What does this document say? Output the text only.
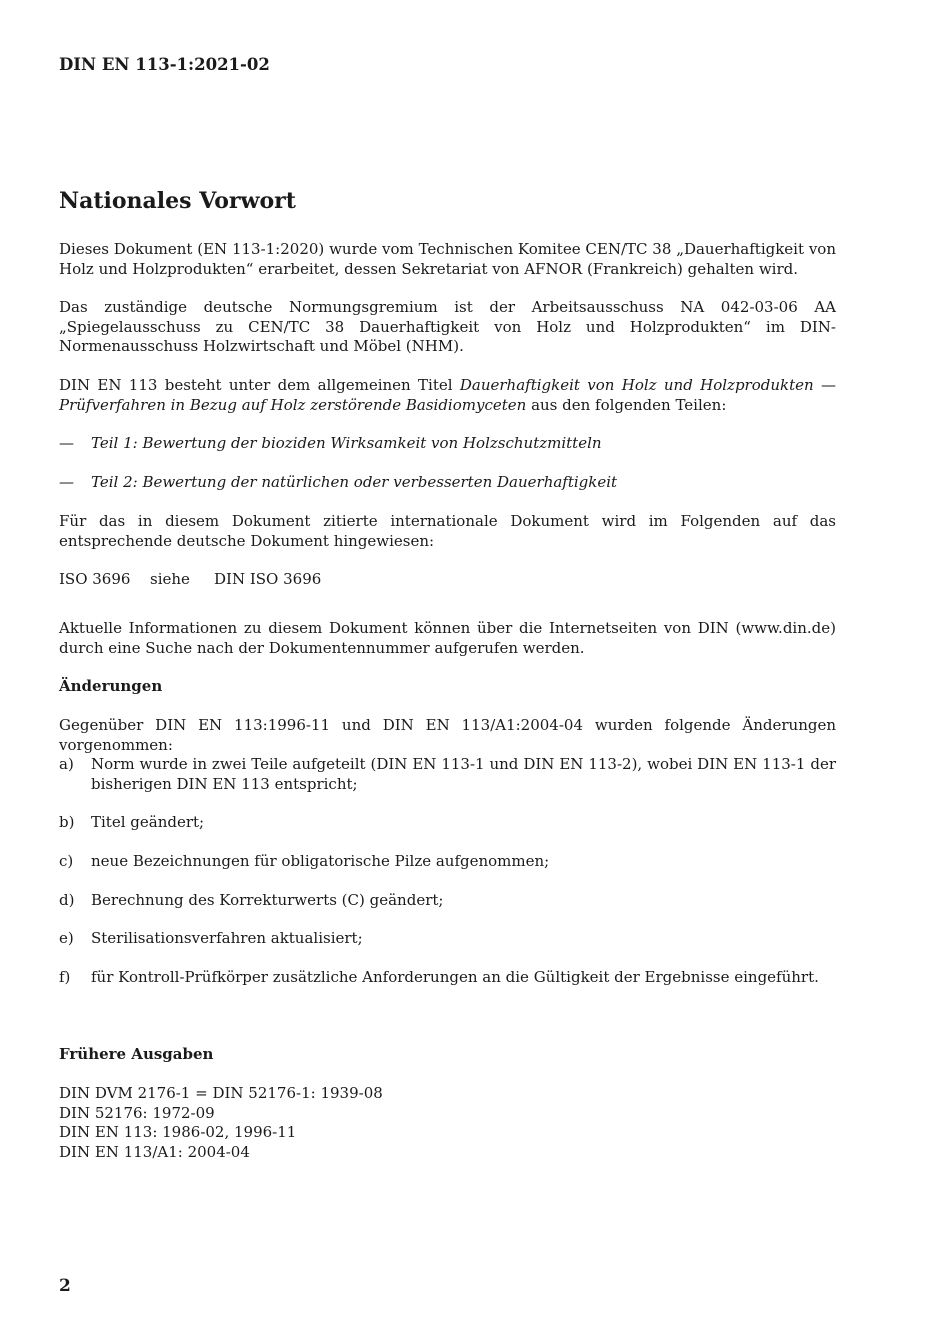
DIN EN 113-1:2021-02
Nationales Vorwort

Dieses Dokument (EN 113-1:2020) wurde vom Technischen Komitee CEN/TC 38 „Dauerhaftigkeit von Holz und Holzprodukten“ erarbeitet, dessen Sekretariat von AFNOR (Frankreich) gehalten wird.

Das zuständige deutsche Normungsgremium ist der Arbeitsausschuss NA 042-03-06 AA „Spiegelausschuss zu CEN/TC 38 Dauerhaftigkeit von Holz und Holzprodukten“ im DIN-Normenausschuss Holzwirtschaft und Möbel (NHM).

DIN EN 113 besteht unter dem allgemeinen Titel Dauerhaftigkeit von Holz und Holzprodukten — Prüfverfahren in Bezug auf Holz zerstörende Basidiomyceten aus den folgenden Teilen:

—	Teil 1: Bewertung der bioziden Wirksamkeit von Holzschutzmitteln
—	Teil 2: Bewertung der natürlichen oder verbesserten Dauerhaftigkeit

Für das in diesem Dokument zitierte internationale Dokument wird im Folgenden auf das entsprechende deutsche Dokument hingewiesen:

ISO 3696	siehe	DIN ISO 3696

Aktuelle Informationen zu diesem Dokument können über die Internetseiten von DIN (www.din.de) durch eine Suche nach der Dokumentennummer aufgerufen werden.

Änderungen

Gegenüber DIN EN 113:1996-11 und DIN EN 113/A1:2004-04 wurden folgende Änderungen vorgenommen:

a)	Norm wurde in zwei Teile aufgeteilt (DIN EN 113-1 und DIN EN 113-2), wobei DIN EN 113-1 der bisherigen DIN EN 113 entspricht;
b)	Titel geändert;
c)	neue Bezeichnungen für obligatorische Pilze aufgenommen;
d)	Berechnung des Korrekturwerts (C) geändert;
e)	Sterilisationsverfahren aktualisiert;
f)	für Kontroll-Prüfkörper zusätzliche Anforderungen an die Gültigkeit der Ergebnisse eingeführt.
Frühere Ausgaben
DIN DVM 2176-1 = DIN 52176-1: 1939-08
DIN 52176: 1972-09
DIN EN 113: 1986-02, 1996-11
DIN EN 113/A1: 2004-04
2
